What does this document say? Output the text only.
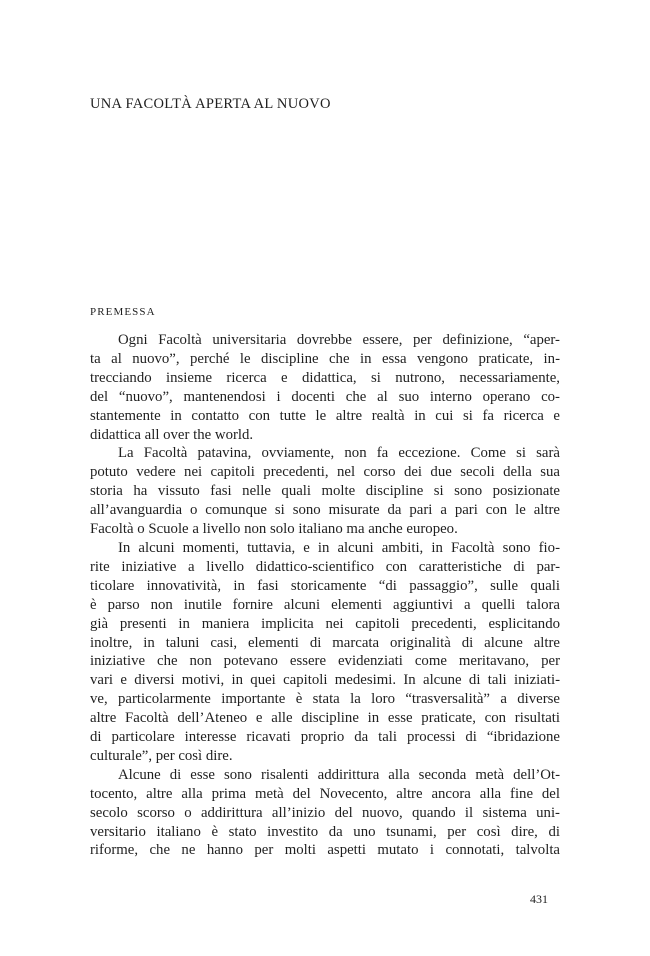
UNA FACOLTÀ APERTA AL NUOVO
PREMESSA
Ogni Facoltà universitaria dovrebbe essere, per definizione, “aper-
ta al nuovo”, perché le discipline che in essa vengono praticate, in-
trecciando insieme ricerca e didattica, si nutrono, necessariamente,
del “nuovo”, mantenendosi i docenti che al suo interno operano co-
stantemente in contatto con tutte le altre realtà in cui si fa ricerca e
didattica all over the world.
La Facoltà patavina, ovviamente, non fa eccezione. Come si sarà
potuto vedere nei capitoli precedenti, nel corso dei due secoli della sua
storia ha vissuto fasi nelle quali molte discipline si sono posizionate
all’avanguardia o comunque si sono misurate da pari a pari con le altre
Facoltà o Scuole a livello non solo italiano ma anche europeo.
In alcuni momenti, tuttavia, e in alcuni ambiti, in Facoltà sono fio-
rite iniziative a livello didattico-scientifico con caratteristiche di par-
ticolare innovatività, in fasi storicamente “di passaggio”, sulle quali
è parso non inutile fornire alcuni elementi aggiuntivi a quelli talora
già presenti in maniera implicita nei capitoli precedenti, esplicitando
inoltre, in taluni casi, elementi di marcata originalità di alcune altre
iniziative che non potevano essere evidenziati come meritavano, per
vari e diversi motivi, in quei capitoli medesimi. In alcune di tali iniziati-
ve, particolarmente importante è stata la loro “trasversalità” a diverse
altre Facoltà dell’Ateneo e alle discipline in esse praticate, con risultati
di particolare interesse ricavati proprio da tali processi di “ibridazione
culturale”, per così dire.
Alcune di esse sono risalenti addirittura alla seconda metà dell’Ot-
tocento, altre alla prima metà del Novecento, altre ancora alla fine del
secolo scorso o addirittura all’inizio del nuovo, quando il sistema uni-
versitario italiano è stato investito da uno tsunami, per così dire, di
riforme, che ne hanno per molti aspetti mutato i connotati, talvolta
431
